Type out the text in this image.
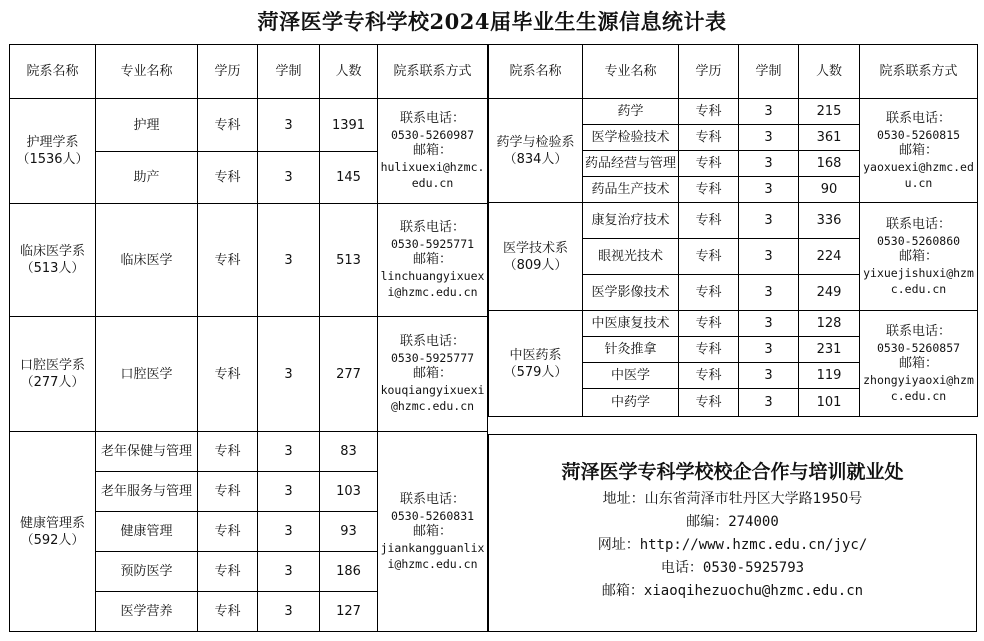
菏泽医学专科学校2024届毕业生生源信息统计表
院系名称	专业名称	学历	学制	人数	院系联系方式

护理学系
（1536人）	护理	专科	3	1391	联系电话：
0530-5260987
邮箱：
hulixuexi@hzmc.edu.cn

	助产	专科	3	145	

临床医学系
（513人）	临床医学	专科	3	513	联系电话：
0530-5925771
邮箱：
linchuangyixuexi@hzmc.edu.cn

口腔医学系
（277人）	口腔医学	专科	3	277	联系电话：
0530-5925777
邮箱：
kouqiangyixuexi@hzmc.edu.cn

健康管理系
（592人）	老年保健与管理	专科	3	83	联系电话：
0530-5260831
邮箱：
jiankangguanlixi@hzmc.edu.cn

	老年服务与管理	专科	3	103	
	健康管理	专科	3	93	
	预防医学	专科	3	186	
	医学营养	专科	3	127	
院系名称	专业名称	学历	学制	人数	院系联系方式

药学与检验系
（834人）	药学	专科	3	215	联系电话：
0530-5260815
邮箱：
yaoxuexi@hzmc.edu.cn

	医学检验技术	专科	3	361	
	药品经营与管理	专科	3	168	
	药品生产技术	专科	3	90	

医学技术系
（809人）	康复治疗技术	专科	3	336	联系电话：
0530-5260860
邮箱：
yixuejishuxi@hzmc.edu.cn

	眼视光技术	专科	3	224	
	医学影像技术	专科	3	249	

中医药系
（579人）	中医康复技术	专科	3	128	联系电话：
0530-5260857
邮箱：
zhongyiyaoxi@hzmc.edu.cn

	针灸推拿	专科	3	231	
	中医学	专科	3	119	
	中药学	专科	3	101	
菏泽医学专科学校校企合作与培训就业处
地址：山东省菏泽市牡丹区大学路1950号
邮编：274000
网址：http://www.hzmc.edu.cn/jyc/
电话：0530-5925793
邮箱：xiaoqihezuochu@hzmc.edu.cn
